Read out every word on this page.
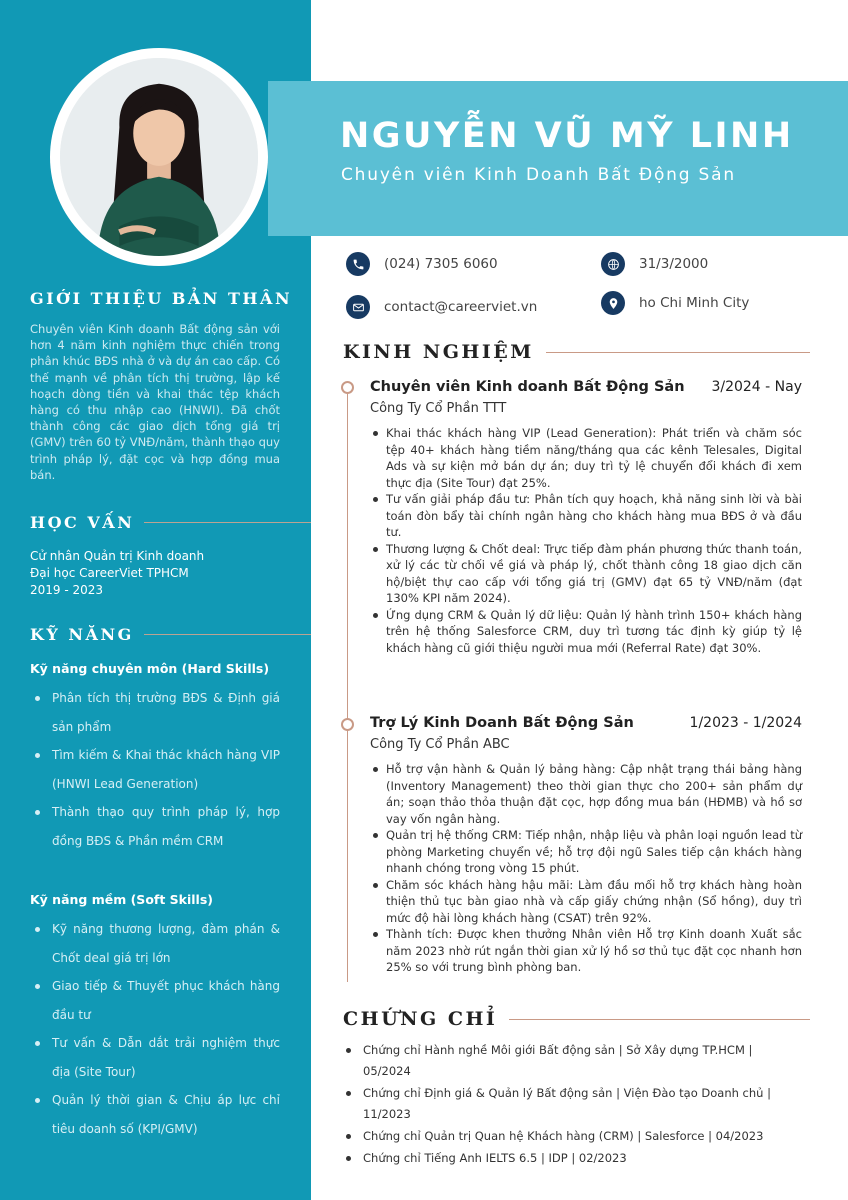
GIỚI THIỆU BẢN THÂN

Chuyên viên Kinh doanh Bất động sản với hơn 4 năm kinh nghiệm thực chiến trong phân khúc BĐS nhà ở và dự án cao cấp. Có thế mạnh về phân tích thị trường, lập kế hoạch dòng tiền và khai thác tệp khách hàng có thu nhập cao (HNWI). Đã chốt thành công các giao dịch tổng giá trị (GMV) trên 60 tỷ VNĐ/năm, thành thạo quy trình pháp lý, đặt cọc và hợp đồng mua bán.

HỌC VẤN
Cử nhân Quản trị Kinh doanh
Đại học CareerViet TPHCM
2019 - 2023
KỸ NĂNG
Kỹ năng chuyên môn (Hard Skills)
Phân tích thị trường BĐS & Định giá sản phẩm
Tìm kiếm & Khai thác khách hàng VIP (HNWI Lead Generation)
Thành thạo quy trình pháp lý, hợp đồng BĐS & Phần mềm CRM
Kỹ năng mềm (Soft Skills)
Kỹ năng thương lượng, đàm phán & Chốt deal giá trị lớn
Giao tiếp & Thuyết phục khách hàng đầu tư
Tư vấn & Dẫn dắt trải nghiệm thực địa (Site Tour)
Quản lý thời gian & Chịu áp lực chỉ tiêu doanh số (KPI/GMV)
NGUYỄN VŨ MỸ LINH
Chuyên viên Kinh Doanh Bất Động Sản
(024) 7305 6060	31/3/2000
contact@careerviet.vn	ho Chi Minh City
KINH NGHIỆM
Chuyên viên Kinh doanh Bất Động Sản 3/2024 - Nay
Công Ty Cổ Phần TTT
Khai thác khách hàng VIP (Lead Generation): Phát triển và chăm sóc tệp 40+ khách hàng tiềm năng/tháng qua các kênh Telesales, Digital Ads và sự kiện mở bán dự án; duy trì tỷ lệ chuyển đổi khách đi xem thực địa (Site Tour) đạt 25%.
Tư vấn giải pháp đầu tư: Phân tích quy hoạch, khả năng sinh lời và bài toán đòn bẩy tài chính ngân hàng cho khách hàng mua BĐS ở và đầu tư.
Thương lượng & Chốt deal: Trực tiếp đàm phán phương thức thanh toán, xử lý các từ chối về giá và pháp lý, chốt thành công 18 giao dịch căn hộ/biệt thự cao cấp với tổng giá trị (GMV) đạt 65 tỷ VNĐ/năm (đạt 130% KPI năm 2024).
Ứng dụng CRM & Quản lý dữ liệu: Quản lý hành trình 150+ khách hàng trên hệ thống Salesforce CRM, duy trì tương tác định kỳ giúp tỷ lệ khách hàng cũ giới thiệu người mua mới (Referral Rate) đạt 30%.
Trợ Lý Kinh Doanh Bất Động Sản	1/2023 - 1/2024
Công Ty Cổ Phần ABC
Hỗ trợ vận hành & Quản lý bảng hàng: Cập nhật trạng thái bảng hàng (Inventory Management) theo thời gian thực cho 200+ sản phẩm dự án; soạn thảo thỏa thuận đặt cọc, hợp đồng mua bán (HĐMB) và hồ sơ vay vốn ngân hàng.
Quản trị hệ thống CRM: Tiếp nhận, nhập liệu và phân loại nguồn lead từ phòng Marketing chuyển về; hỗ trợ đội ngũ Sales tiếp cận khách hàng nhanh chóng trong vòng 15 phút.
Chăm sóc khách hàng hậu mãi: Làm đầu mối hỗ trợ khách hàng hoàn thiện thủ tục bàn giao nhà và cấp giấy chứng nhận (Sổ hồng), duy trì mức độ hài lòng khách hàng (CSAT) trên 92%.
Thành tích: Được khen thưởng Nhân viên Hỗ trợ Kinh doanh Xuất sắc năm 2023 nhờ rút ngắn thời gian xử lý hồ sơ thủ tục đặt cọc nhanh hơn 25% so với trung bình phòng ban.
CHỨNG CHỈ
Chứng chỉ Hành nghề Môi giới Bất động sản | Sở Xây dựng TP.HCM | 05/2024
Chứng chỉ Định giá & Quản lý Bất động sản | Viện Đào tạo Doanh chủ | 11/2023
Chứng chỉ Quản trị Quan hệ Khách hàng (CRM) | Salesforce | 04/2023
Chứng chỉ Tiếng Anh IELTS 6.5 | IDP | 02/2023
